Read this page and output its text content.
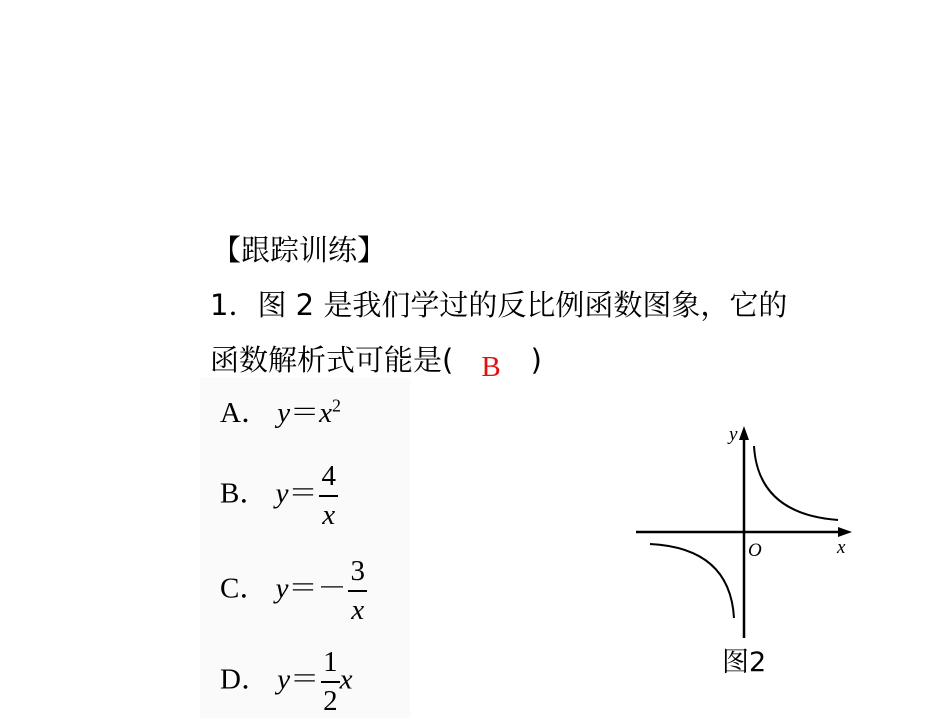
【跟踪训练】
1．图 2 是我们学过的反比例函数图象，它的
函数解析式可能是( B )
A． $y=x^2$
B． $y= \frac{4}{x}$
C． $y=- \frac{3}{x}$
D． $y= \frac{1}{2}$ x
y
x
O
图2
